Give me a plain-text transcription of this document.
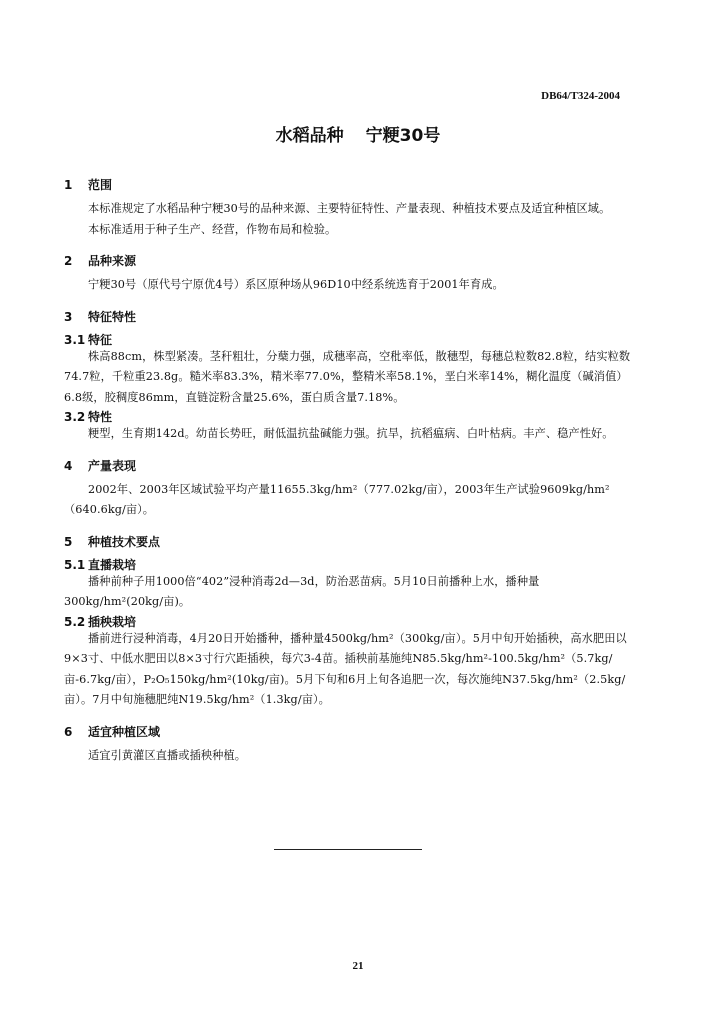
DB64/T324-2004
水稻品种 宁粳30号
1 范围
本标准规定了水稻品种宁粳30号的品种来源、主要特征特性、产量表现、种植技术要点及适宜种植区域。
本标准适用于种子生产、经营，作物布局和检验。
2 品种来源
宁粳30号（原代号宁原优4号）系区原种场从96D10中经系统选育于2001年育成。
3 特征特性
3.1 特征
株高88cm，株型紧凑。茎秆粗壮，分蘖力强，成穗率高，空秕率低，散穗型，每穗总粒数82.8粒，结实粒数74.7粒，千粒重23.8g。糙米率83.3%，精米率77.0%，整精米率58.1%，垩白米率14%，糊化温度（碱消值）6.8级，胶稠度86mm，直链淀粉含量25.6%，蛋白质含量7.18%。
3.2 特性
粳型，生育期142d。幼苗长势旺，耐低温抗盐碱能力强。抗旱，抗稻瘟病、白叶枯病。丰产、稳产性好。
4 产量表现
2002年、2003年区域试验平均产量11655.3kg/hm²（777.02kg/亩），2003年生产试验9609kg/hm²（640.6kg/亩）。
5 种植技术要点
5.1 直播栽培
播种前种子用1000倍“402”浸种消毒2d—3d，防治恶苗病。5月10日前播种上水，播种量300kg/hm²(20kg/亩)。
5.2 插秧栽培
播前进行浸种消毒，4月20日开始播种，播种量4500kg/hm²（300kg/亩）。5月中旬开始插秧，高水肥田以9×3寸、中低水肥田以8×3寸行穴距插秧，每穴3-4苗。插秧前基施纯N85.5kg/hm²-100.5kg/hm²（5.7kg/亩-6.7kg/亩），P₂O₅150kg/hm²(10kg/亩)。5月下旬和6月上旬各追肥一次，每次施纯N37.5kg/hm²（2.5kg/亩）。7月中旬施穗肥纯N19.5kg/hm²（1.3kg/亩）。
6 适宜种植区域
适宜引黄灌区直播或插秧种植。
21
